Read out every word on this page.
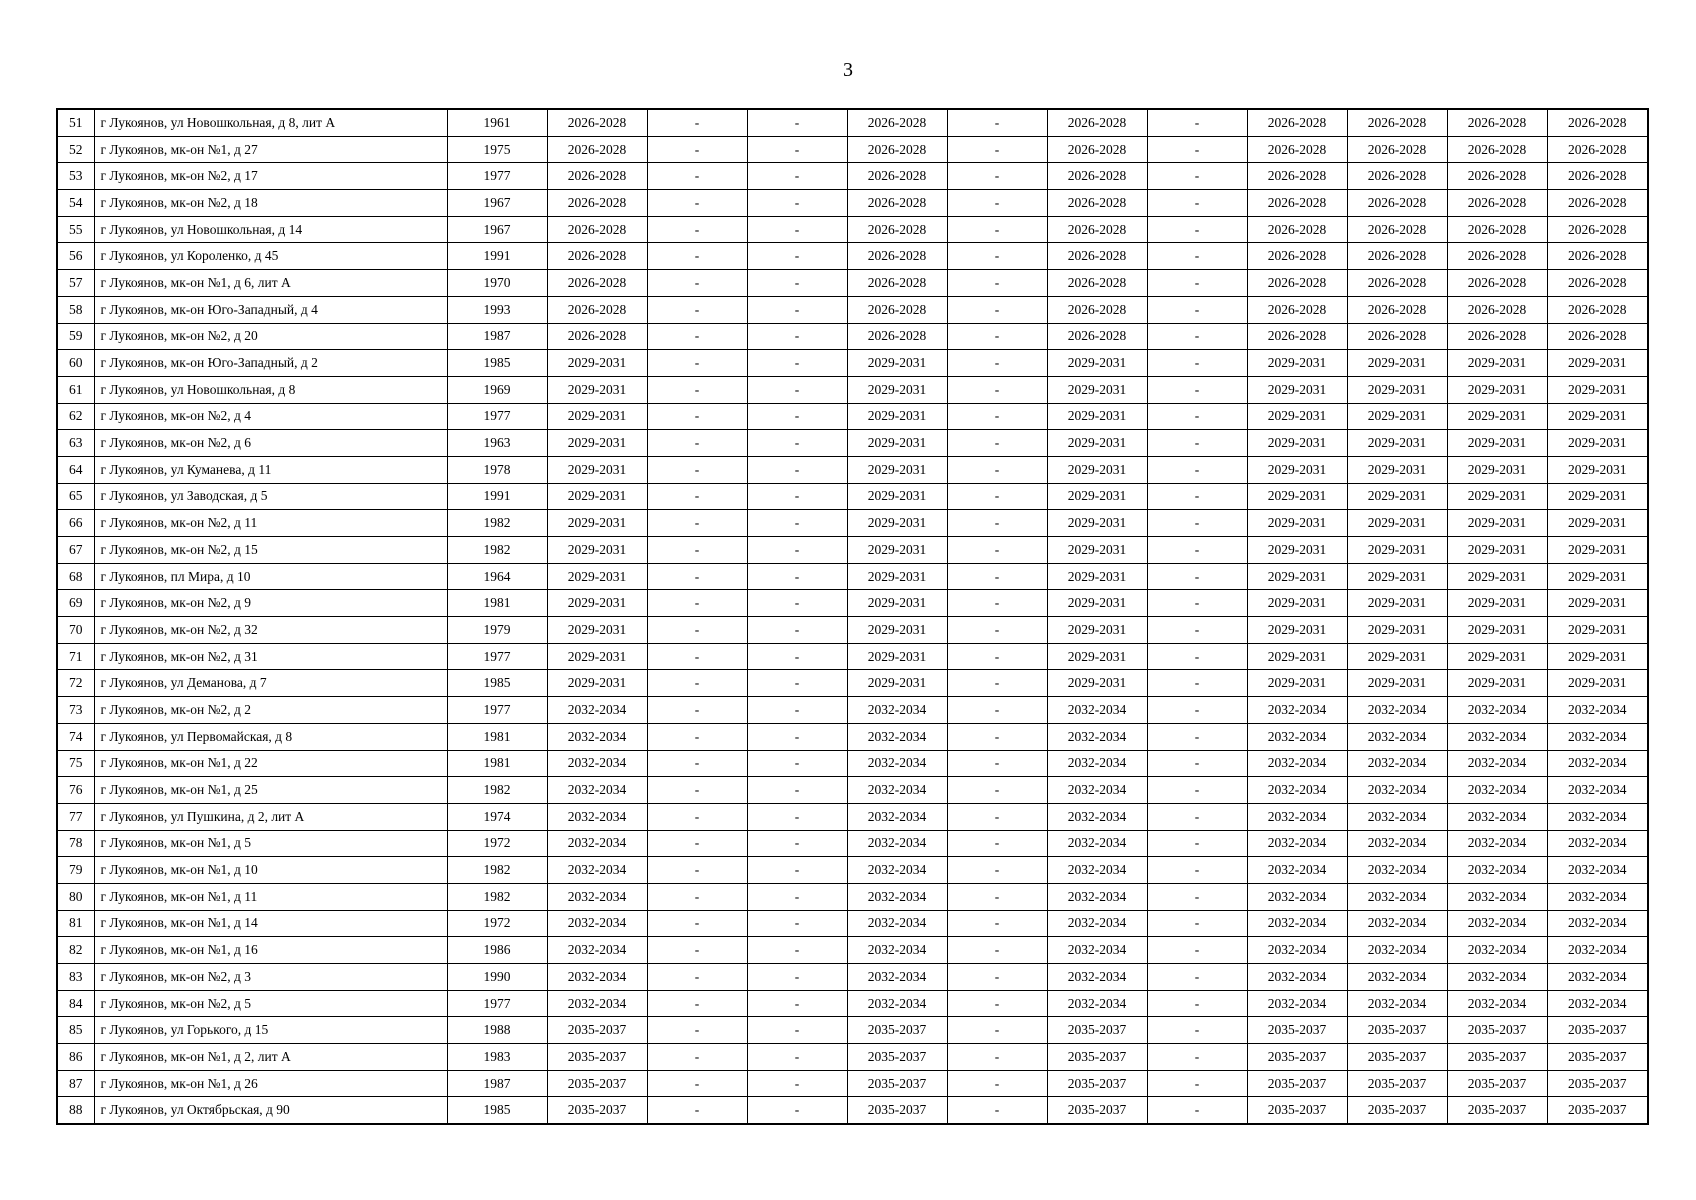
3
51	г Лукоянов, ул Новошкольная, д 8, лит А	1961	2026-2028	-	-	2026-2028	-	2026-2028	-	2026-2028	2026-2028	2026-2028	2026-2028
52	г Лукоянов, мк-он №1, д 27	1975	2026-2028	-	-	2026-2028	-	2026-2028	-	2026-2028	2026-2028	2026-2028	2026-2028
53	г Лукоянов, мк-он №2, д 17	1977	2026-2028	-	-	2026-2028	-	2026-2028	-	2026-2028	2026-2028	2026-2028	2026-2028
54	г Лукоянов, мк-он №2, д 18	1967	2026-2028	-	-	2026-2028	-	2026-2028	-	2026-2028	2026-2028	2026-2028	2026-2028
55	г Лукоянов, ул Новошкольная, д 14	1967	2026-2028	-	-	2026-2028	-	2026-2028	-	2026-2028	2026-2028	2026-2028	2026-2028
56	г Лукоянов, ул Короленко, д 45	1991	2026-2028	-	-	2026-2028	-	2026-2028	-	2026-2028	2026-2028	2026-2028	2026-2028
57	г Лукоянов, мк-он №1, д 6, лит А	1970	2026-2028	-	-	2026-2028	-	2026-2028	-	2026-2028	2026-2028	2026-2028	2026-2028
58	г Лукоянов, мк-он Юго-Западный, д 4	1993	2026-2028	-	-	2026-2028	-	2026-2028	-	2026-2028	2026-2028	2026-2028	2026-2028
59	г Лукоянов, мк-он №2, д 20	1987	2026-2028	-	-	2026-2028	-	2026-2028	-	2026-2028	2026-2028	2026-2028	2026-2028
60	г Лукоянов, мк-он Юго-Западный, д 2	1985	2029-2031	-	-	2029-2031	-	2029-2031	-	2029-2031	2029-2031	2029-2031	2029-2031
61	г Лукоянов, ул Новошкольная, д 8	1969	2029-2031	-	-	2029-2031	-	2029-2031	-	2029-2031	2029-2031	2029-2031	2029-2031
62	г Лукоянов, мк-он №2, д 4	1977	2029-2031	-	-	2029-2031	-	2029-2031	-	2029-2031	2029-2031	2029-2031	2029-2031
63	г Лукоянов, мк-он №2, д 6	1963	2029-2031	-	-	2029-2031	-	2029-2031	-	2029-2031	2029-2031	2029-2031	2029-2031
64	г Лукоянов, ул Куманева, д 11	1978	2029-2031	-	-	2029-2031	-	2029-2031	-	2029-2031	2029-2031	2029-2031	2029-2031
65	г Лукоянов, ул Заводская, д 5	1991	2029-2031	-	-	2029-2031	-	2029-2031	-	2029-2031	2029-2031	2029-2031	2029-2031
66	г Лукоянов, мк-он №2, д 11	1982	2029-2031	-	-	2029-2031	-	2029-2031	-	2029-2031	2029-2031	2029-2031	2029-2031
67	г Лукоянов, мк-он №2, д 15	1982	2029-2031	-	-	2029-2031	-	2029-2031	-	2029-2031	2029-2031	2029-2031	2029-2031
68	г Лукоянов, пл Мира, д 10	1964	2029-2031	-	-	2029-2031	-	2029-2031	-	2029-2031	2029-2031	2029-2031	2029-2031
69	г Лукоянов, мк-он №2, д 9	1981	2029-2031	-	-	2029-2031	-	2029-2031	-	2029-2031	2029-2031	2029-2031	2029-2031
70	г Лукоянов, мк-он №2, д 32	1979	2029-2031	-	-	2029-2031	-	2029-2031	-	2029-2031	2029-2031	2029-2031	2029-2031
71	г Лукоянов, мк-он №2, д 31	1977	2029-2031	-	-	2029-2031	-	2029-2031	-	2029-2031	2029-2031	2029-2031	2029-2031
72	г Лукоянов, ул Деманова, д 7	1985	2029-2031	-	-	2029-2031	-	2029-2031	-	2029-2031	2029-2031	2029-2031	2029-2031
73	г Лукоянов, мк-он №2, д 2	1977	2032-2034	-	-	2032-2034	-	2032-2034	-	2032-2034	2032-2034	2032-2034	2032-2034
74	г Лукоянов, ул Первомайская, д 8	1981	2032-2034	-	-	2032-2034	-	2032-2034	-	2032-2034	2032-2034	2032-2034	2032-2034
75	г Лукоянов, мк-он №1, д 22	1981	2032-2034	-	-	2032-2034	-	2032-2034	-	2032-2034	2032-2034	2032-2034	2032-2034
76	г Лукоянов, мк-он №1, д 25	1982	2032-2034	-	-	2032-2034	-	2032-2034	-	2032-2034	2032-2034	2032-2034	2032-2034
77	г Лукоянов, ул Пушкина, д 2, лит А	1974	2032-2034	-	-	2032-2034	-	2032-2034	-	2032-2034	2032-2034	2032-2034	2032-2034
78	г Лукоянов, мк-он №1, д 5	1972	2032-2034	-	-	2032-2034	-	2032-2034	-	2032-2034	2032-2034	2032-2034	2032-2034
79	г Лукоянов, мк-он №1, д 10	1982	2032-2034	-	-	2032-2034	-	2032-2034	-	2032-2034	2032-2034	2032-2034	2032-2034
80	г Лукоянов, мк-он №1, д 11	1982	2032-2034	-	-	2032-2034	-	2032-2034	-	2032-2034	2032-2034	2032-2034	2032-2034
81	г Лукоянов, мк-он №1, д 14	1972	2032-2034	-	-	2032-2034	-	2032-2034	-	2032-2034	2032-2034	2032-2034	2032-2034
82	г Лукоянов, мк-он №1, д 16	1986	2032-2034	-	-	2032-2034	-	2032-2034	-	2032-2034	2032-2034	2032-2034	2032-2034
83	г Лукоянов, мк-он №2, д 3	1990	2032-2034	-	-	2032-2034	-	2032-2034	-	2032-2034	2032-2034	2032-2034	2032-2034
84	г Лукоянов, мк-он №2, д 5	1977	2032-2034	-	-	2032-2034	-	2032-2034	-	2032-2034	2032-2034	2032-2034	2032-2034
85	г Лукоянов, ул Горького, д 15	1988	2035-2037	-	-	2035-2037	-	2035-2037	-	2035-2037	2035-2037	2035-2037	2035-2037
86	г Лукоянов, мк-он №1, д 2, лит А	1983	2035-2037	-	-	2035-2037	-	2035-2037	-	2035-2037	2035-2037	2035-2037	2035-2037
87	г Лукоянов, мк-он №1, д 26	1987	2035-2037	-	-	2035-2037	-	2035-2037	-	2035-2037	2035-2037	2035-2037	2035-2037
88	г Лукоянов, ул Октябрьская, д 90	1985	2035-2037	-	-	2035-2037	-	2035-2037	-	2035-2037	2035-2037	2035-2037	2035-2037
